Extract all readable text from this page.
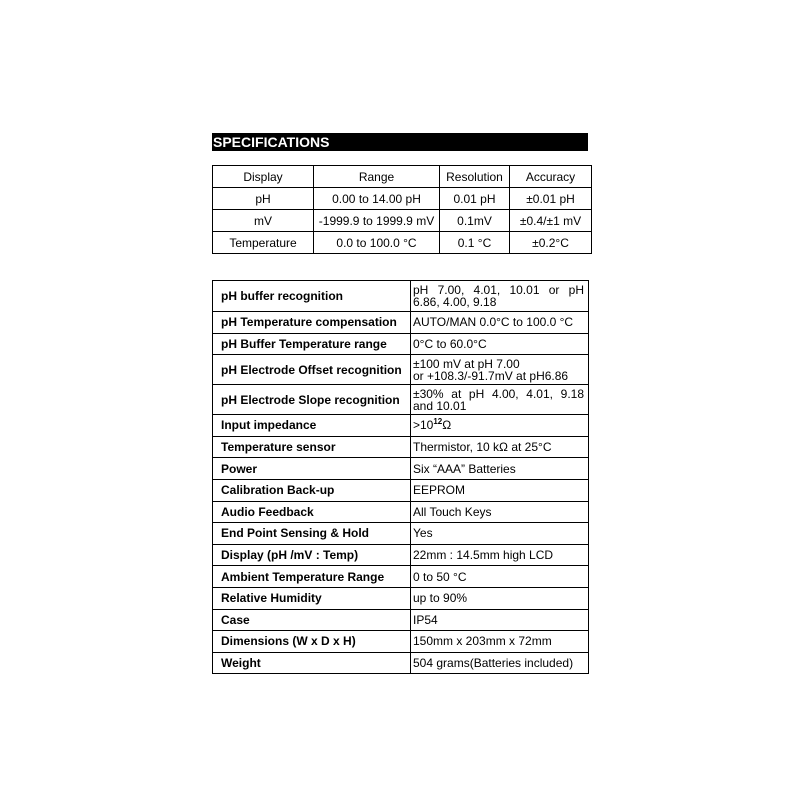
SPECIFICATIONS
Display	Range	Resolution	Accuracy
pH	0.00 to 14.00 pH	0.01 pH	±0.01 pH
mV	-1999.9 to 1999.9 mV	0.1mV	±0.4/±1 mV
Temperature	0.0 to 100.0 °C	0.1 °C	±0.2°C
pH buffer recognition	pH 7.00, 4.01, 10.01 or pH 6.86, 4.00, 9.18
pH Temperature compensation	AUTO/MAN 0.0°C to 100.0 °C
pH Buffer Temperature range	0°C to 60.0°C
pH Electrode Offset recognition	±100 mV at pH 7.00
or +108.3/-91.7mV at pH6.86
pH Electrode Slope recognition	±30% at pH 4.00, 4.01, 9.18 and 10.01
Input impedance	$>10^{12}\Omega$
Temperature sensor	Thermistor, 10 kΩ at 25°C
Power	Six “AAA” Batteries
Calibration Back-up	EEPROM
Audio Feedback	All Touch Keys
End Point Sensing & Hold	Yes
Display (pH /mV : Temp)	22mm : 14.5mm high LCD
Ambient Temperature Range	0 to 50 °C
Relative Humidity	up to 90%
Case	IP54
Dimensions (W x D x H)	150mm x 203mm x 72mm
Weight	504 grams(Batteries included)
